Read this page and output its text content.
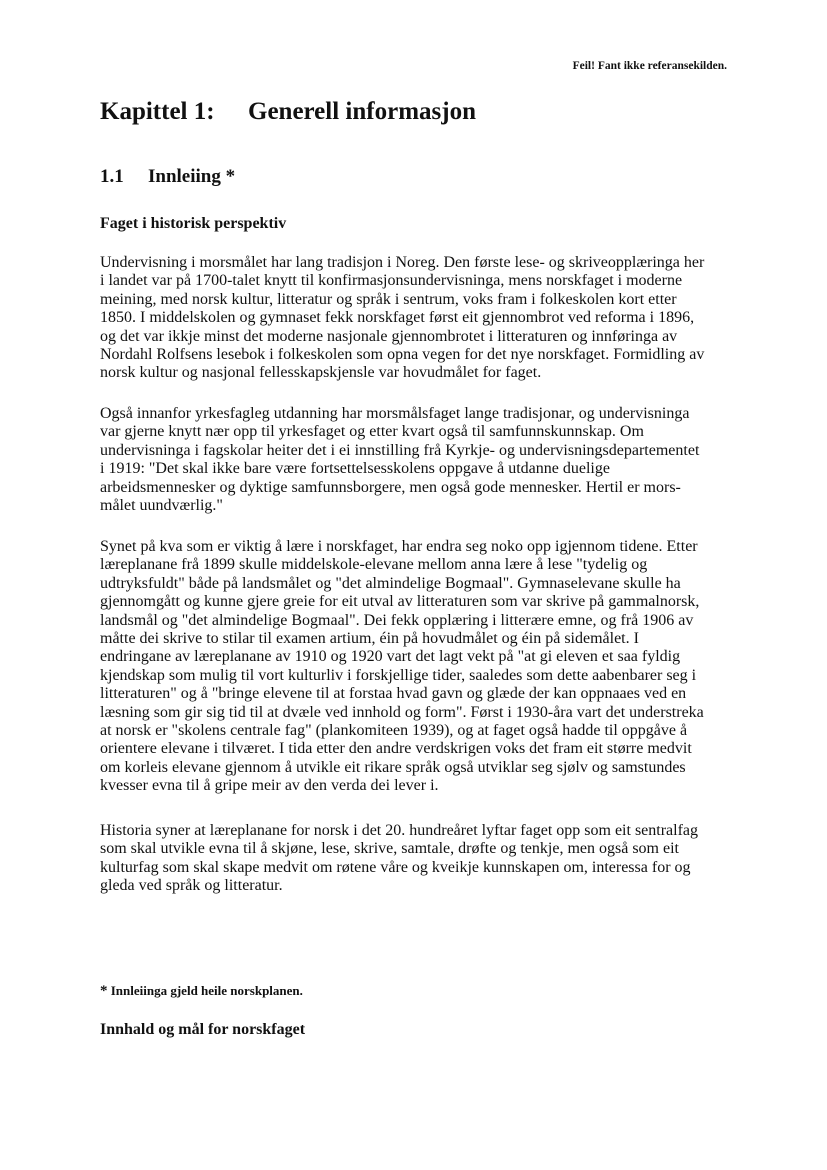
Feil! Fant ikke referansekilden.
Kapittel 1:	Generell informasjon
1.1	Innleiing *
Faget i historisk perspektiv

Undervisning i morsmålet har lang tradisjon i Noreg. Den første lese- og skriveopplæringa her
i landet var på 1700-talet knytt til konfirmasjonsundervisninga, mens norskfaget i moderne
meining, med norsk kultur, litteratur og språk i sentrum, voks fram i folkeskolen kort etter
1850. I middelskolen og gymnaset fekk norskfaget først eit gjennombrot ved reforma i 1896,
og det var ikkje minst det moderne nasjonale gjennombrotet i litteraturen og innføringa av
Nordahl Rolfsens lesebok i folkeskolen som opna vegen for det nye norskfaget. Formidling av
norsk kultur og nasjonal fellesskapskjensle var hovudmålet for faget.

Også innanfor yrkesfagleg utdanning har morsmålsfaget lange tradisjonar, og undervisninga
var gjerne knytt nær opp til yrkesfaget og etter kvart også til samfunnskunnskap. Om
undervisninga i fagskolar heiter det i ei innstilling frå Kyrkje- og undervisningsdepartementet
i 1919: "Det skal ikke bare være fortsettelsesskolens oppgave å utdanne duelige
arbeidsmennesker og dyktige samfunnsborgere, men også gode mennesker. Hertil er mors-
målet uundværlig."

Synet på kva som er viktig å lære i norskfaget, har endra seg noko opp igjennom tidene. Etter
læreplanane frå 1899 skulle middelskole-elevane mellom anna lære å lese "tydelig og
udtryksfuldt" både på landsmålet og "det almindelige Bogmaal". Gymnaselevane skulle ha
gjennomgått og kunne gjere greie for eit utval av litteraturen som var skrive på gammalnorsk,
landsmål og "det almindelige Bogmaal". Dei fekk opplæring i litterære emne, og frå 1906 av
måtte dei skrive to stilar til examen artium, éin på hovudmålet og éin på sidemålet. I
endringane av læreplanane av 1910 og 1920 vart det lagt vekt på "at gi eleven et saa fyldig
kjendskap som mulig til vort kulturliv i forskjellige tider, saaledes som dette aabenbarer seg i
litteraturen" og å "bringe elevene til at forstaa hvad gavn og glæde der kan oppnaaes ved en
læsning som gir sig tid til at dvæle ved innhold og form". Først i 1930-åra vart det understreka
at norsk er "skolens centrale fag" (plankomiteen 1939), og at faget også hadde til oppgåve å
orientere elevane i tilværet. I tida etter den andre verdskrigen voks det fram eit større medvit
om korleis elevane gjennom å utvikle eit rikare språk også utviklar seg sjølv og samstundes
kvesser evna til å gripe meir av den verda dei lever i.

Historia syner at læreplanane for norsk i det 20. hundreåret lyftar faget opp som eit sentralfag
som skal utvikle evna til å skjøne, lese, skrive, samtale, drøfte og tenkje, men også som eit
kulturfag som skal skape medvit om røtene våre og kveikje kunnskapen om, interessa for og
gleda ved språk og litteratur.

* Innleiinga gjeld heile norskplanen.
Innhald og mål for norskfaget
